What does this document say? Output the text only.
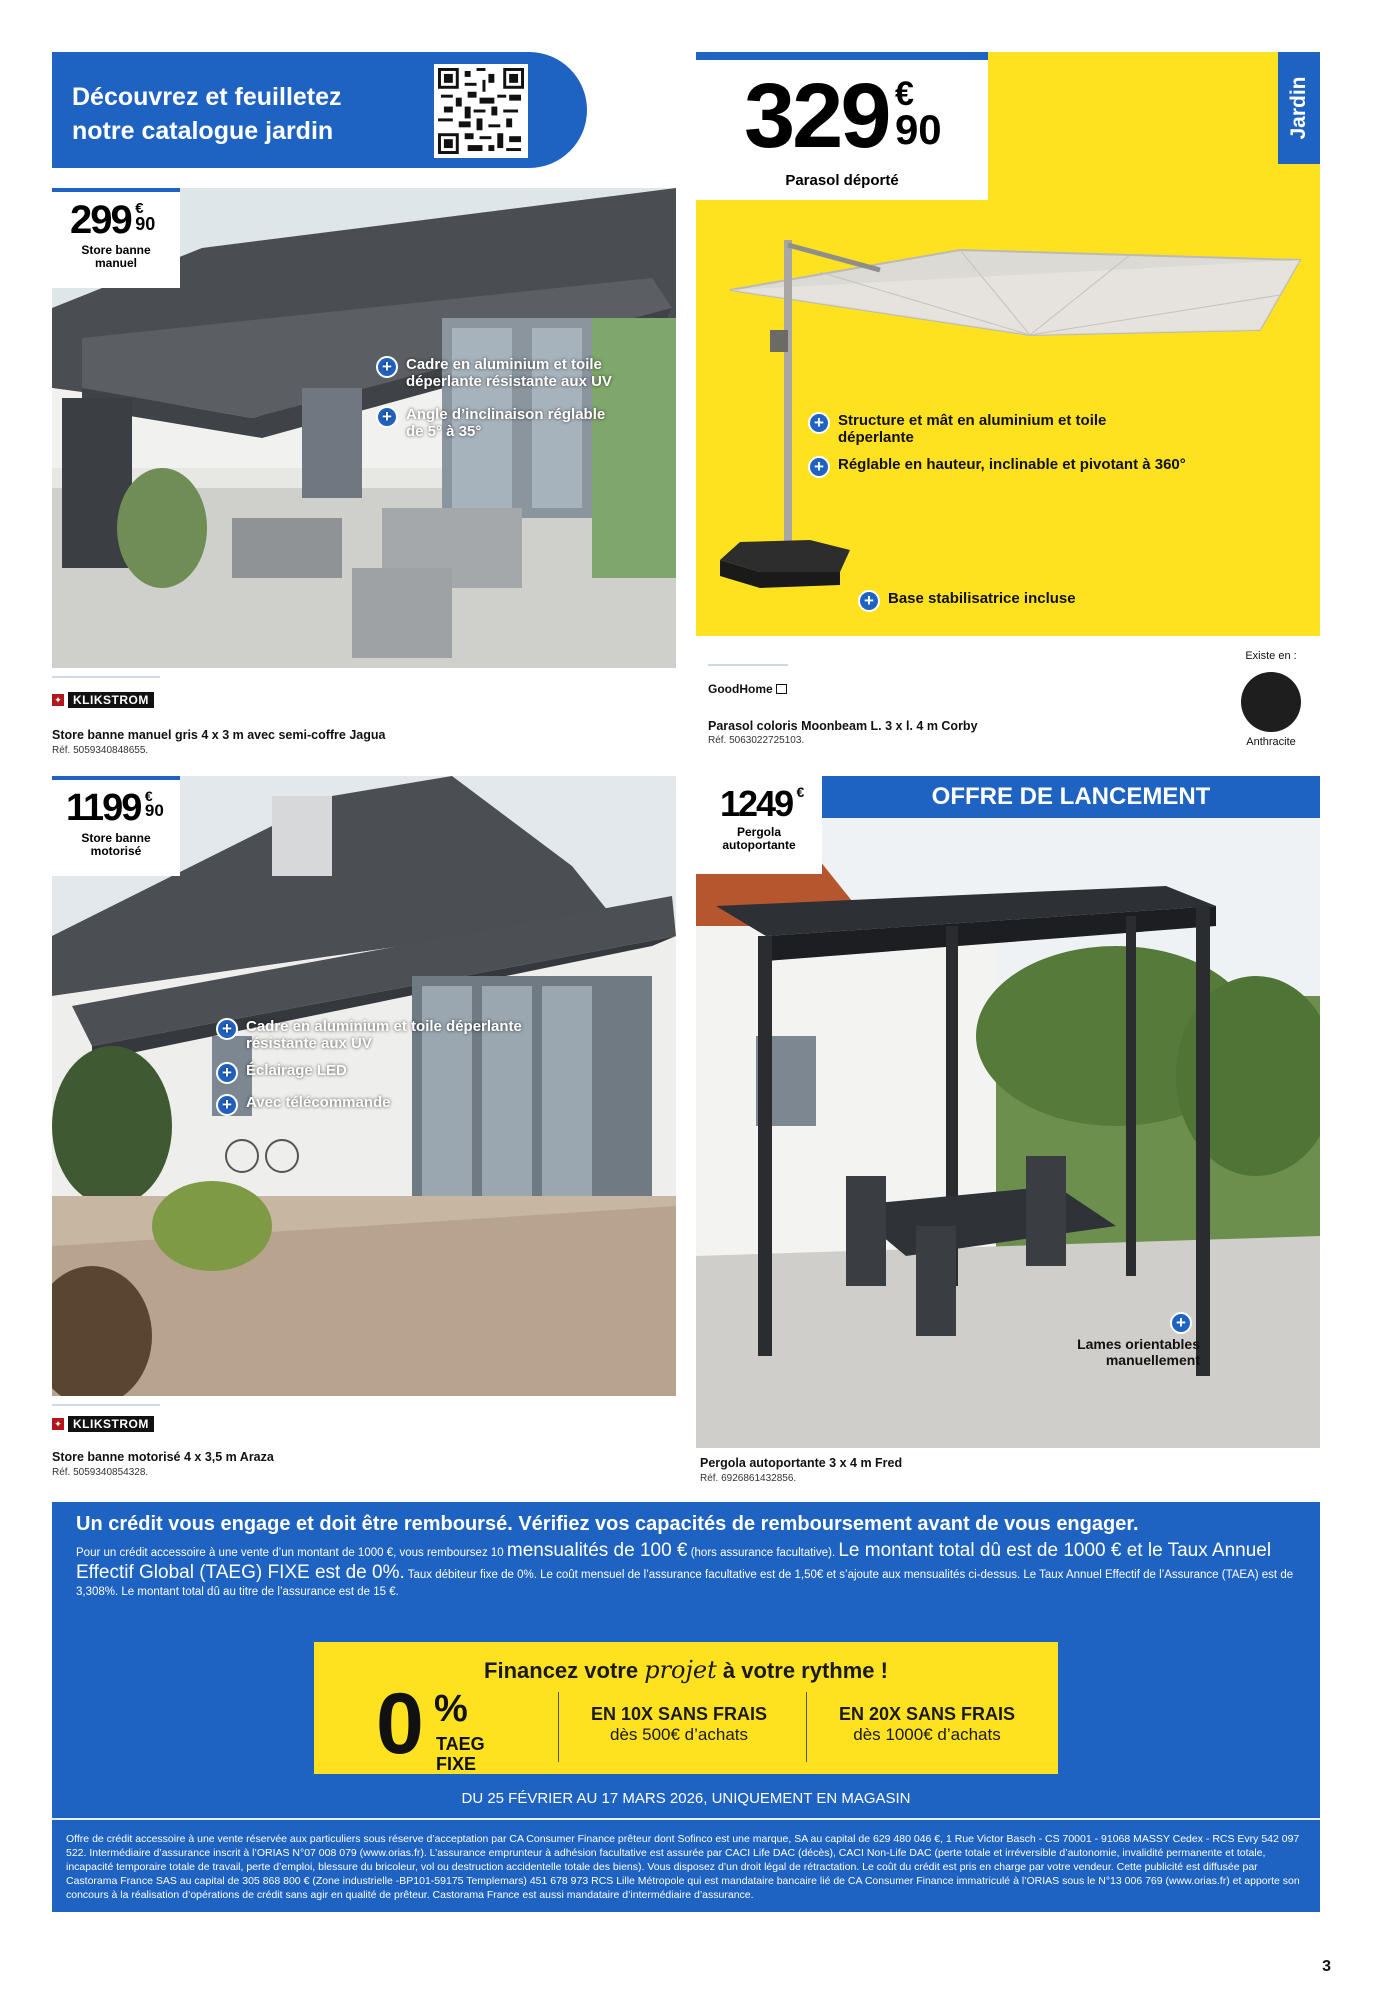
Découvrez et feuilletez
notre catalogue jardin	Jardin
329 €
90
Parasol déporté
+ Structure et mât en aluminium et toile déperlante
+ Réglable en hauteur, inclinable et pivotant à 360°
+ Base stabilisatrice incluse
Existe en :
Anthracite
299 €
90
Store banne
manuel
+ Cadre en aluminium et toile déperlante résistante aux UV
+ Angle d’inclinaison réglable de 5° à 35°
✦ KLIKSTROM
Store banne manuel gris 4 x 3 m avec semi-coffre Jagua
Réf. 5059340848655.
GoodHome
Parasol coloris Moonbeam L. 3 x l. 4 m Corby
Réf. 5063022725103.
1199 €
90
Store banne
motorisé
+ Cadre en aluminium et toile déperlante résistante aux UV
+ Éclairage LED
+ Avec télécommande
✦ KLIKSTROM
Store banne motorisé 4 x 3,5 m Araza
Réf. 5059340854328.
OFFRE DE LANCEMENT
1249 €
Pergola
autoportante
+
Lames orientables manuellement
Pergola autoportante 3 x 4 m Fred
Réf. 6926861432856.
Un crédit vous engage et doit être remboursé. Vérifiez vos capacités de remboursement avant de vous engager.
Pour un crédit accessoire à une vente d’un montant de 1000 €, vous remboursez 10 mensualités de 100 € (hors assurance facultative). Le montant total dû est de 1000 € et le Taux Annuel Effectif Global (TAEG) FIXE est de 0%. Taux débiteur fixe de 0%. Le coût mensuel de l’assurance facultative est de 1,50€ et s’ajoute aux mensualités ci-dessus. Le Taux Annuel Effectif de l’Assurance (TAEA) est de 3,308%. Le montant total dû au titre de l’assurance est de 15 €.
Financez votre projet à votre rythme !
0 %
TAEG
FIXE
EN 10X SANS FRAIS
dès 500€ d’achats
EN 20X SANS FRAIS
dès 1000€ d’achats
DU 25 FÉVRIER AU 17 MARS 2026, UNIQUEMENT EN MAGASIN
Offre de crédit accessoire à une vente réservée aux particuliers sous réserve d’acceptation par CA Consumer Finance prêteur dont Sofinco est une marque, SA au capital de 629 480 046 €, 1 Rue Victor Basch - CS 70001 - 91068 MASSY Cedex - RCS Evry 542 097 522. Intermédiaire d’assurance inscrit à l’ORIAS N°07 008 079 (www.orias.fr). L’assurance emprunteur à adhésion facultative est assurée par CACI Life DAC (décès), CACI Non-Life DAC (perte totale et irréversible d’autonomie, invalidité permanente et totale, incapacité temporaire totale de travail, perte d’emploi, blessure du bricoleur, vol ou destruction accidentelle totale des biens). Vous disposez d’un droit légal de rétractation. Le coût du crédit est pris en charge par votre vendeur. Cette publicité est diffusée par Castorama France SAS au capital de 305 868 800 € (Zone industrielle -BP101-59175 Templemars) 451 678 973 RCS Lille Métropole qui est mandataire bancaire lié de CA Consumer Finance immatriculé à l’ORIAS sous le N°13 006 769 (www.orias.fr) et apporte son concours à la réalisation d’opérations de crédit sans agir en qualité de prêteur. Castorama France est aussi mandataire d’intermédiaire d’assurance.
3
